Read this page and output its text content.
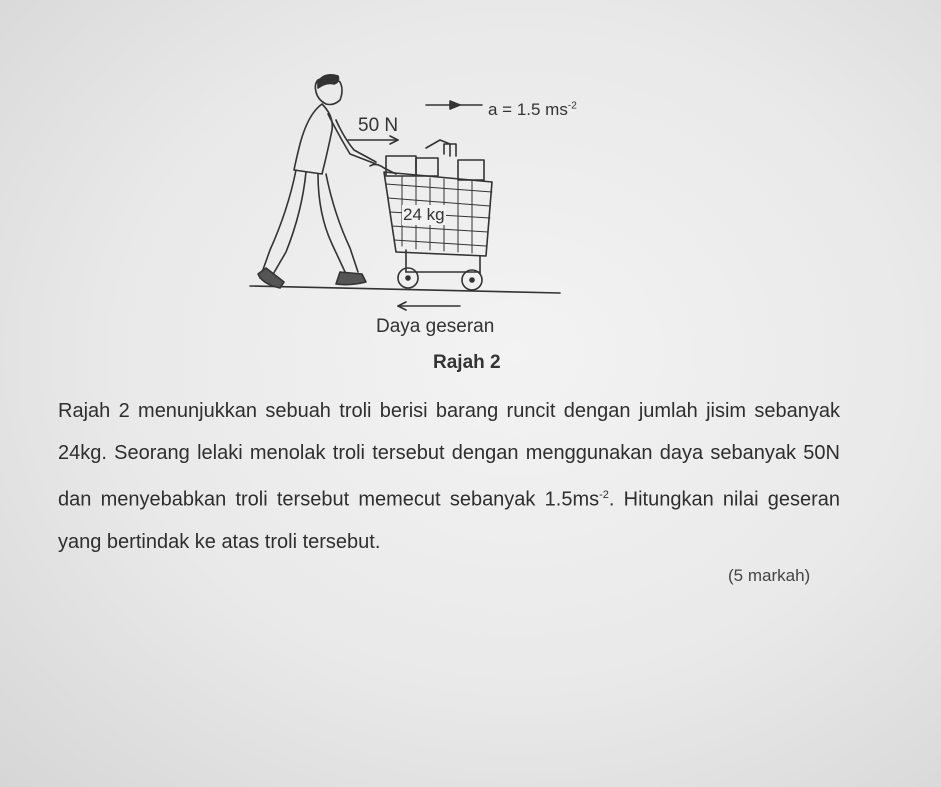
50 N
a = 1.5 $ms^{-2}$
24 kg
Daya geseran
Rajah 2

Rajah 2 menunjukkan sebuah troli berisi barang runcit dengan jumlah jisim sebanyak 24kg. Seorang lelaki menolak troli tersebut dengan menggunakan daya sebanyak 50N dan menyebabkan troli tersebut memecut sebanyak $1.5ms^{-2}$. Hitungkan nilai geseran yang bertindak ke atas troli tersebut.

(5 markah)
